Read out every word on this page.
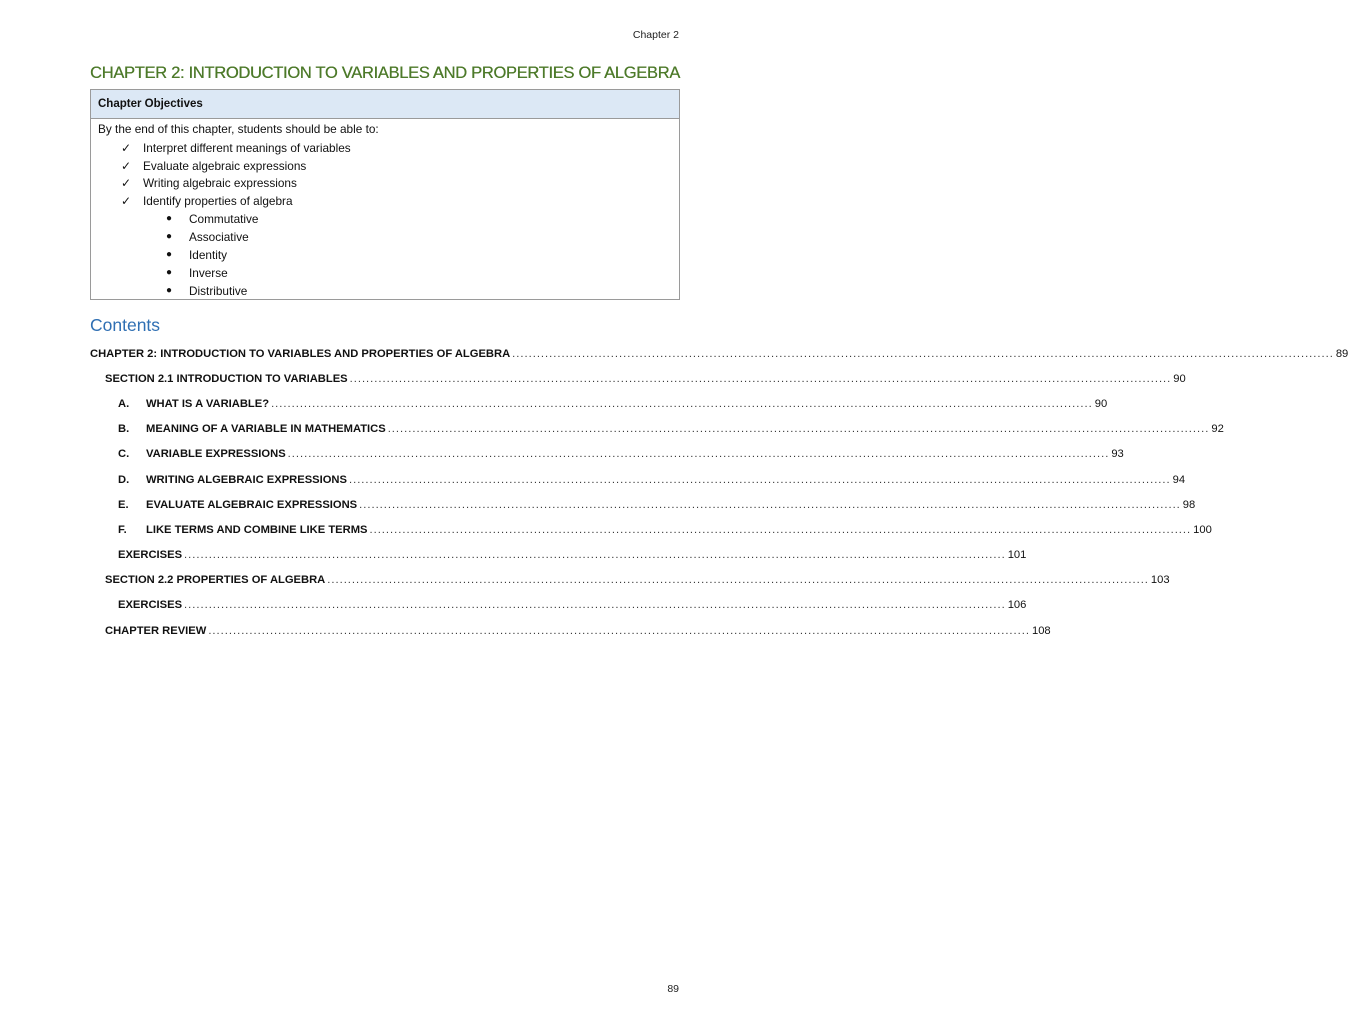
Chapter 2
CHAPTER 2: INTRODUCTION TO VARIABLES AND PROPERTIES OF ALGEBRA
Chapter Objectives
By the end of this chapter, students should be able to:
✓	Interpret different meanings of variables
✓	Evaluate algebraic expressions
✓	Writing algebraic expressions
✓	Identify properties of algebra
●	Commutative
●	Associative
●	Identity
●	Inverse
●	Distributive
Contents
CHAPTER 2: INTRODUCTION TO VARIABLES AND PROPERTIES OF ALGEBRA ........................................................................................................................................................................................................ 89
SECTION 2.1 INTRODUCTION TO VARIABLES ........................................................................................................................................................................................................ 90
A.	WHAT IS A VARIABLE? ........................................................................................................................................................................................................ 90
B.	MEANING OF A VARIABLE IN MATHEMATICS ........................................................................................................................................................................................................ 92
C.	VARIABLE EXPRESSIONS ........................................................................................................................................................................................................ 93
D.	WRITING ALGEBRAIC EXPRESSIONS ........................................................................................................................................................................................................ 94
E.	EVALUATE ALGEBRAIC EXPRESSIONS ........................................................................................................................................................................................................ 98
F.	LIKE TERMS AND COMBINE LIKE TERMS ........................................................................................................................................................................................................ 100
EXERCISES ........................................................................................................................................................................................................ 101
SECTION 2.2 PROPERTIES OF ALGEBRA ........................................................................................................................................................................................................ 103
EXERCISES ........................................................................................................................................................................................................ 106
CHAPTER REVIEW ........................................................................................................................................................................................................ 108
89
